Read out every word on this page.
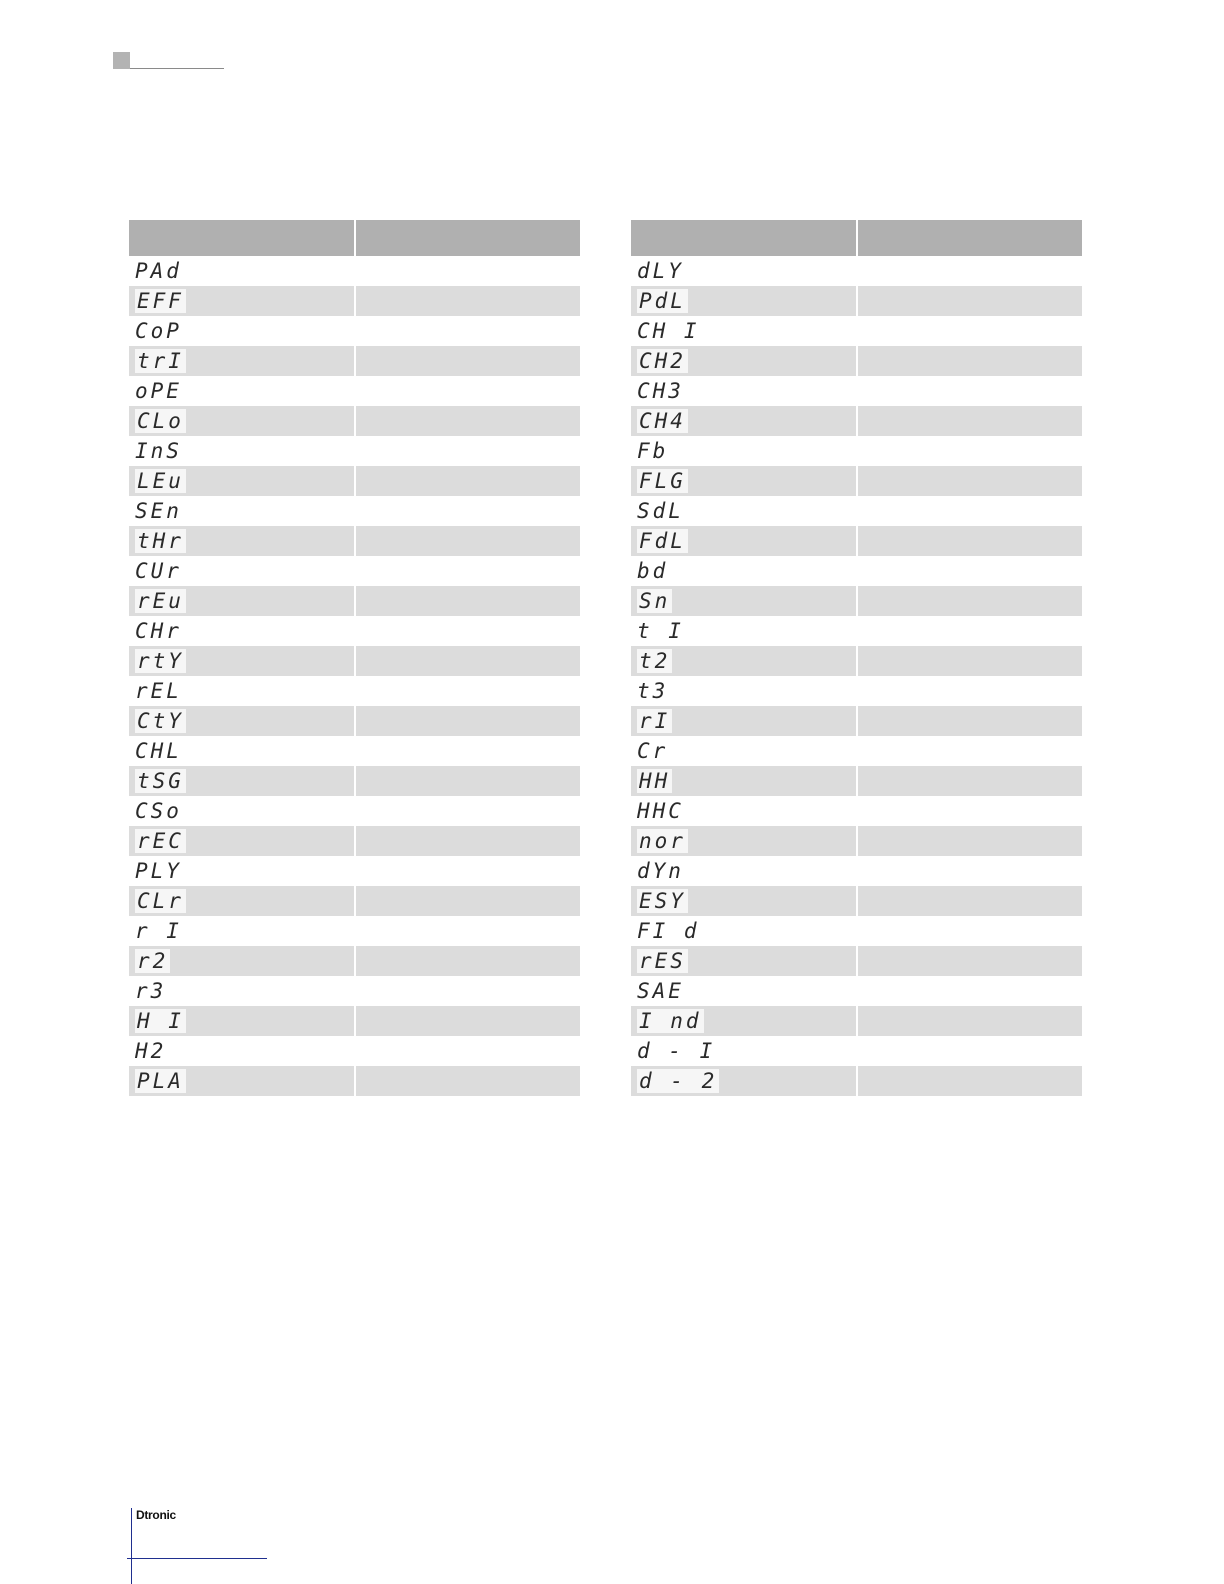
PAd	
EFF	
CoP	
trI	
oPE	
CLo	
InS	
LEu	
SEn	
tHr	
CUr	
rEu	
CHr	
rtY	
rEL	
CtY	
CHL	
tSG	
CSo	
rEC	
PLY	
CLr	
r I	
r2	
r3	
H I	
H2	
PLA	

dLY	
PdL	
CH I	
CH2	
CH3	
CH4	
Fb	
FLG	
SdL	
FdL	
bd	
Sn	
t I	
t2	
t3	
rI	
Cr	
HH	
HHC	
nor	
dYn	
ESY	
FI d	
rES	
SAE	
I nd	
d - I	
d - 2	
Dtronic
